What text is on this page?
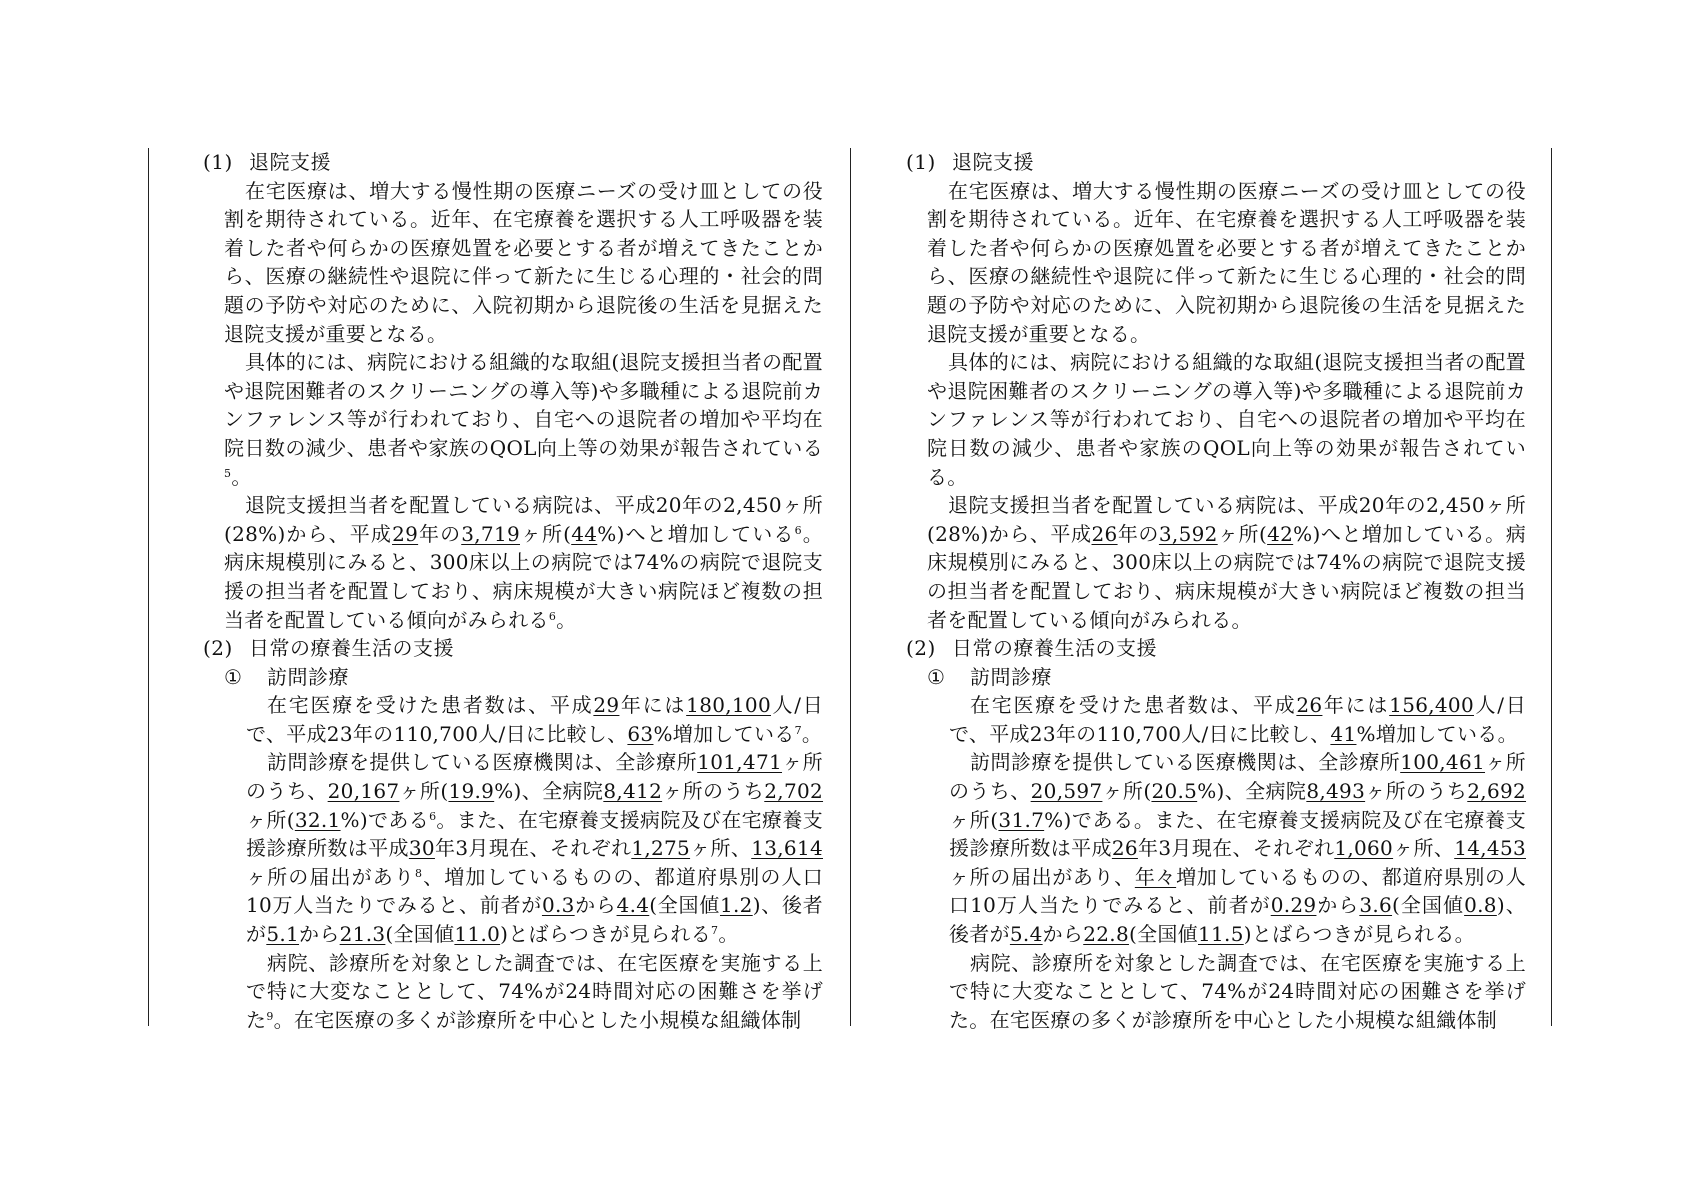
(1) 退院支援

在宅医療は、増大する慢性期の医療ニーズの受け皿としての役割を期待されている。近年、在宅療養を選択する人工呼吸器を装着した者や何らかの医療処置を必要とする者が増えてきたことから、医療の継続性や退院に伴って新たに生じる心理的・社会的問題の予防や対応のために、入院初期から退院後の生活を見据えた退院支援が重要となる。

具体的には、病院における組織的な取組(退院支援担当者の配置や退院困難者のスクリーニングの導入等)や多職種による退院前カンファレンス等が行われており、自宅への退院者の増加や平均在院日数の減少、患者や家族のQOL向上等の効果が報告されている$^5$。

退院支援担当者を配置している病院は、平成20年の2,450ヶ所(28%)から、平成29年の3,719ヶ所(44%)へと増加している$^6$。病床規模別にみると、300床以上の病院では74%の病院で退院支援の担当者を配置しており、病床規模が大きい病院ほど複数の担当者を配置している傾向がみられる$^6$。

(2) 日常の療養生活の支援

① 訪問診療

在宅医療を受けた患者数は、平成29年には180,100人/日で、平成23年の110,700人/日に比較し、63%増加している$^7$。

訪問診療を提供している医療機関は、全診療所101,471ヶ所のうち、20,167ヶ所(19.9%)、全病院8,412ヶ所のうち2,702ヶ所(32.1%)である$^6$。また、在宅療養支援病院及び在宅療養支援診療所数は平成30年3月現在、それぞれ1,275ヶ所、13,614ヶ所の届出があり$^8$、増加しているものの、都道府県別の人口10万人当たりでみると、前者が0.3から4.4(全国値1.2)、後者が5.1から21.3(全国値11.0)とばらつきが見られる$^7$。

病院、診療所を対象とした調査では、在宅医療を実施する上で特に大変なこととして、74%が24時間対応の困難さを挙げた$^9$。在宅医療の多くが診療所を中心とした小規模な組織体制

(1) 退院支援

在宅医療は、増大する慢性期の医療ニーズの受け皿としての役割を期待されている。近年、在宅療養を選択する人工呼吸器を装着した者や何らかの医療処置を必要とする者が増えてきたことから、医療の継続性や退院に伴って新たに生じる心理的・社会的問題の予防や対応のために、入院初期から退院後の生活を見据えた退院支援が重要となる。

具体的には、病院における組織的な取組(退院支援担当者の配置や退院困難者のスクリーニングの導入等)や多職種による退院前カンファレンス等が行われており、自宅への退院者の増加や平均在院日数の減少、患者や家族のQOL向上等の効果が報告されている。

退院支援担当者を配置している病院は、平成20年の2,450ヶ所(28%)から、平成26年の3,592ヶ所(42%)へと増加している。病床規模別にみると、300床以上の病院では74%の病院で退院支援の担当者を配置しており、病床規模が大きい病院ほど複数の担当者を配置している傾向がみられる。

(2) 日常の療養生活の支援

① 訪問診療

在宅医療を受けた患者数は、平成26年には156,400人/日で、平成23年の110,700人/日に比較し、41%増加している。

訪問診療を提供している医療機関は、全診療所100,461ヶ所のうち、20,597ヶ所(20.5%)、全病院8,493ヶ所のうち2,692ヶ所(31.7%)である。また、在宅療養支援病院及び在宅療養支援診療所数は平成26年3月現在、それぞれ1,060ヶ所、14,453ヶ所の届出があり、年々増加しているものの、都道府県別の人口10万人当たりでみると、前者が0.29から3.6(全国値0.8)、後者が5.4から22.8(全国値11.5)とばらつきが見られる。

病院、診療所を対象とした調査では、在宅医療を実施する上で特に大変なこととして、74%が24時間対応の困難さを挙げた。在宅医療の多くが診療所を中心とした小規模な組織体制
